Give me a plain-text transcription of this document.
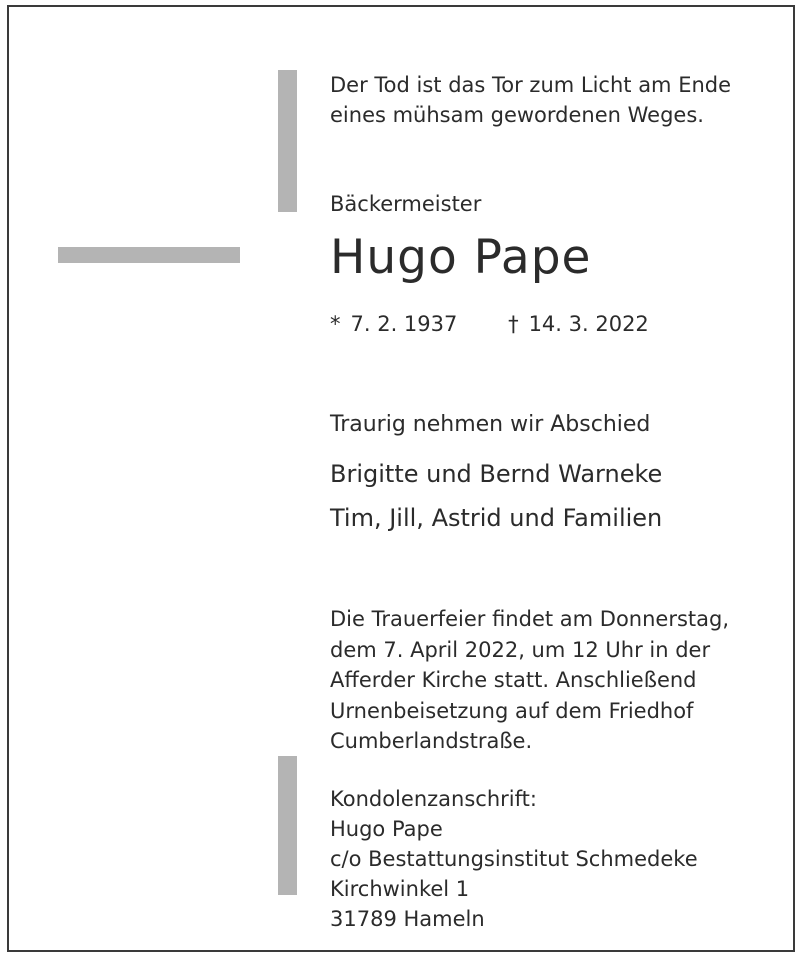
Der Tod ist das Tor zum Licht am Ende
eines mühsam gewordenen Weges.
Bäckermeister
Hugo Pape
* 7. 2. 1937 † 14. 3. 2022
Traurig nehmen wir Abschied
Brigitte und Bernd Warneke
Tim, Jill, Astrid und Familien
Die Trauerfeier findet am Donnerstag,
dem 7. April 2022, um 12 Uhr in der
Afferder Kirche statt. Anschließend
Urnenbeisetzung auf dem Friedhof
Cumberlandstraße.
Kondolenzanschrift:
Hugo Pape
c/o Bestattungsinstitut Schmedeke
Kirchwinkel 1
31789 Hameln
